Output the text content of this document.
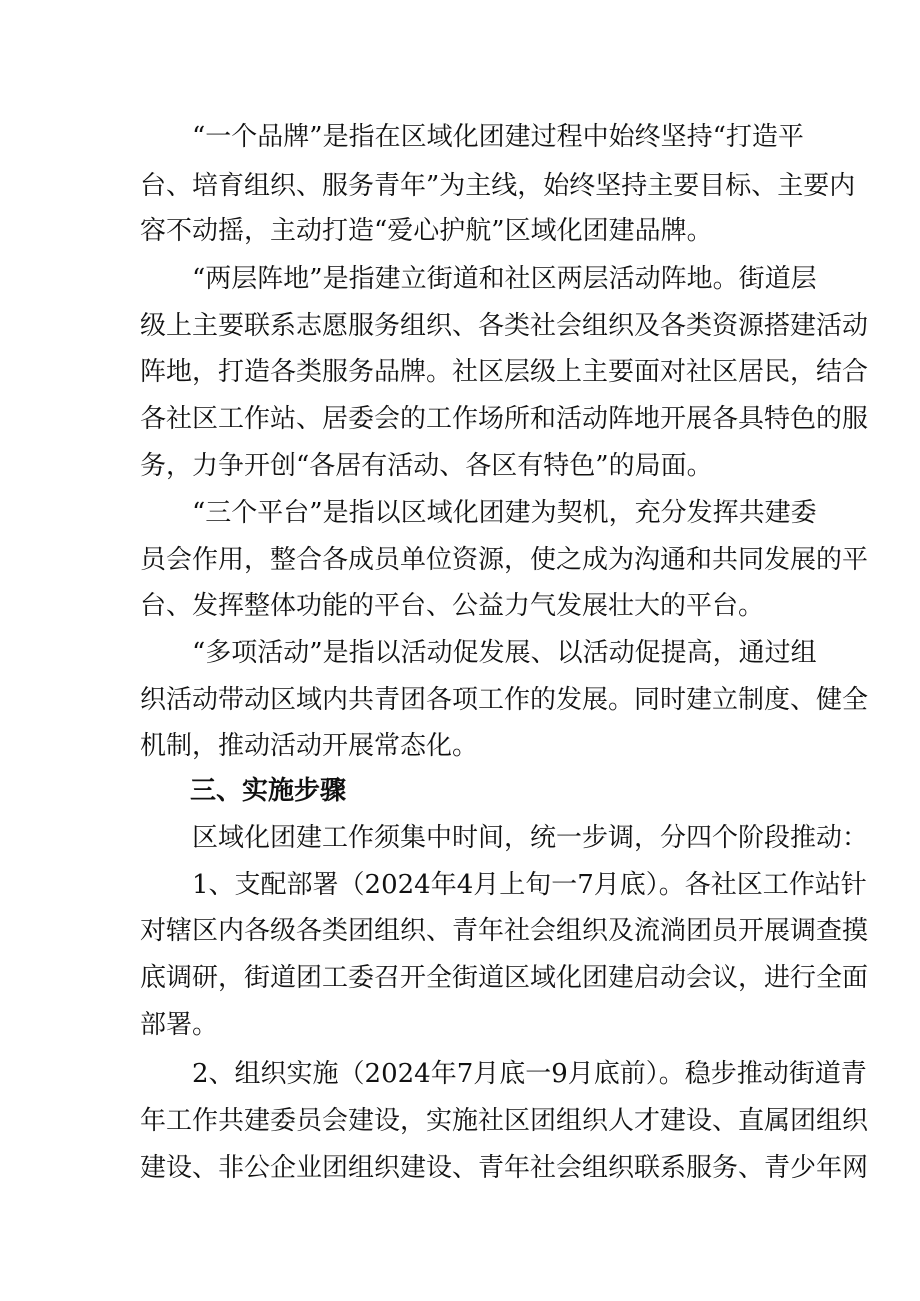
“一个品牌”是指在区域化团建过程中始终坚持“打造平
台、培育组织、服务青年”为主线，始终坚持主要目标、主要内
容不动摇，主动打造“爱心护航”区域化团建品牌。
“两层阵地”是指建立街道和社区两层活动阵地。街道层
级上主要联系志愿服务组织、各类社会组织及各类资源搭建活动
阵地，打造各类服务品牌。社区层级上主要面对社区居民，结合
各社区工作站、居委会的工作场所和活动阵地开展各具特色的服
务，力争开创“各居有活动、各区有特色”的局面。
“三个平台”是指以区域化团建为契机，充分发挥共建委
员会作用，整合各成员单位资源，使之成为沟通和共同发展的平
台、发挥整体功能的平台、公益力气发展壮大的平台。
“多项活动”是指以活动促发展、以活动促提高，通过组
织活动带动区域内共青团各项工作的发展。同时建立制度、健全
机制，推动活动开展常态化。
三、实施步骤
区域化团建工作须集中时间，统一步调，分四个阶段推动：
1、支配部署（2024年4月上旬一7月底）。各社区工作站针
对辖区内各级各类团组织、青年社会组织及流淌团员开展调查摸
底调研，街道团工委召开全街道区域化团建启动会议，进行全面
部署。
2、组织实施（2024年7月底一9月底前）。稳步推动街道青
年工作共建委员会建设，实施社区团组织人才建设、直属团组织
建设、非公企业团组织建设、青年社会组织联系服务、青少年网
